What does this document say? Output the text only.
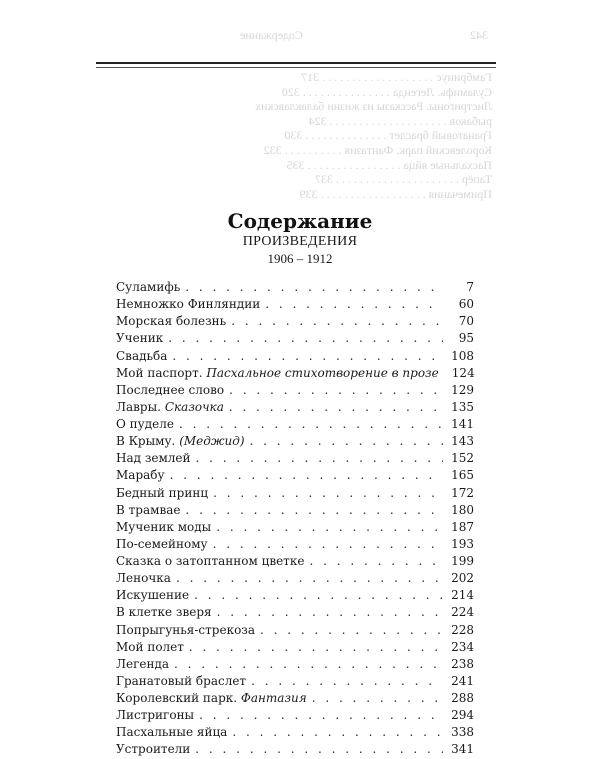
Содержание	342
Гамбринус . . . . . . . . . . . . . . . . . . . 317
Суламифь. Легенда . . . . . . . . . . . . . . . 320
Листригоны. Рассказы из жизни балаклавских
рыбаков . . . . . . . . . . . . . . . . . . . . 324
Гранатовый браслет . . . . . . . . . . . . . . 330
Королевский парк. Фантазия . . . . . . . . . . 332
Пасхальные яйца . . . . . . . . . . . . . . . . 335
Тапёр . . . . . . . . . . . . . . . . . . . . . 337
Примечания . . . . . . . . . . . . . . . . . . 339
Содержание
ПРОИЗВЕДЕНИЯ
1906 – 1912
Суламифь . . .	7
Немножко Финляндии . . .	60
Морская болезнь . . .	70
Ученик . . .	95
Свадьба . . .	108
Мой паспорт. Пасхальное стихотворение в прозе 124
Последнее слово . . .	129
Лавры. Сказочка . . .	135
О пуделе . . .	141
В Крыму. (Меджид) . . .	143
Над землей . . .	152
Марабу . . .	165
Бедный принц . . .	172
В трамвае . . .	180
Мученик моды . . .	187
По-семейному . . .	193
Сказка о затоптанном цветке . . .	199
Леночка . . .	202
Искушение . . .	214
В клетке зверя . . .	224
Попрыгунья-стрекоза . . .	228
Мой полет . . .	234
Легенда . . .	238
Гранатовый браслет . . .	241
Королевский парк. Фантазия . . .	288
Листригоны . . .	294
Пасхальные яйца . . .	338
Устроители . . .	341
